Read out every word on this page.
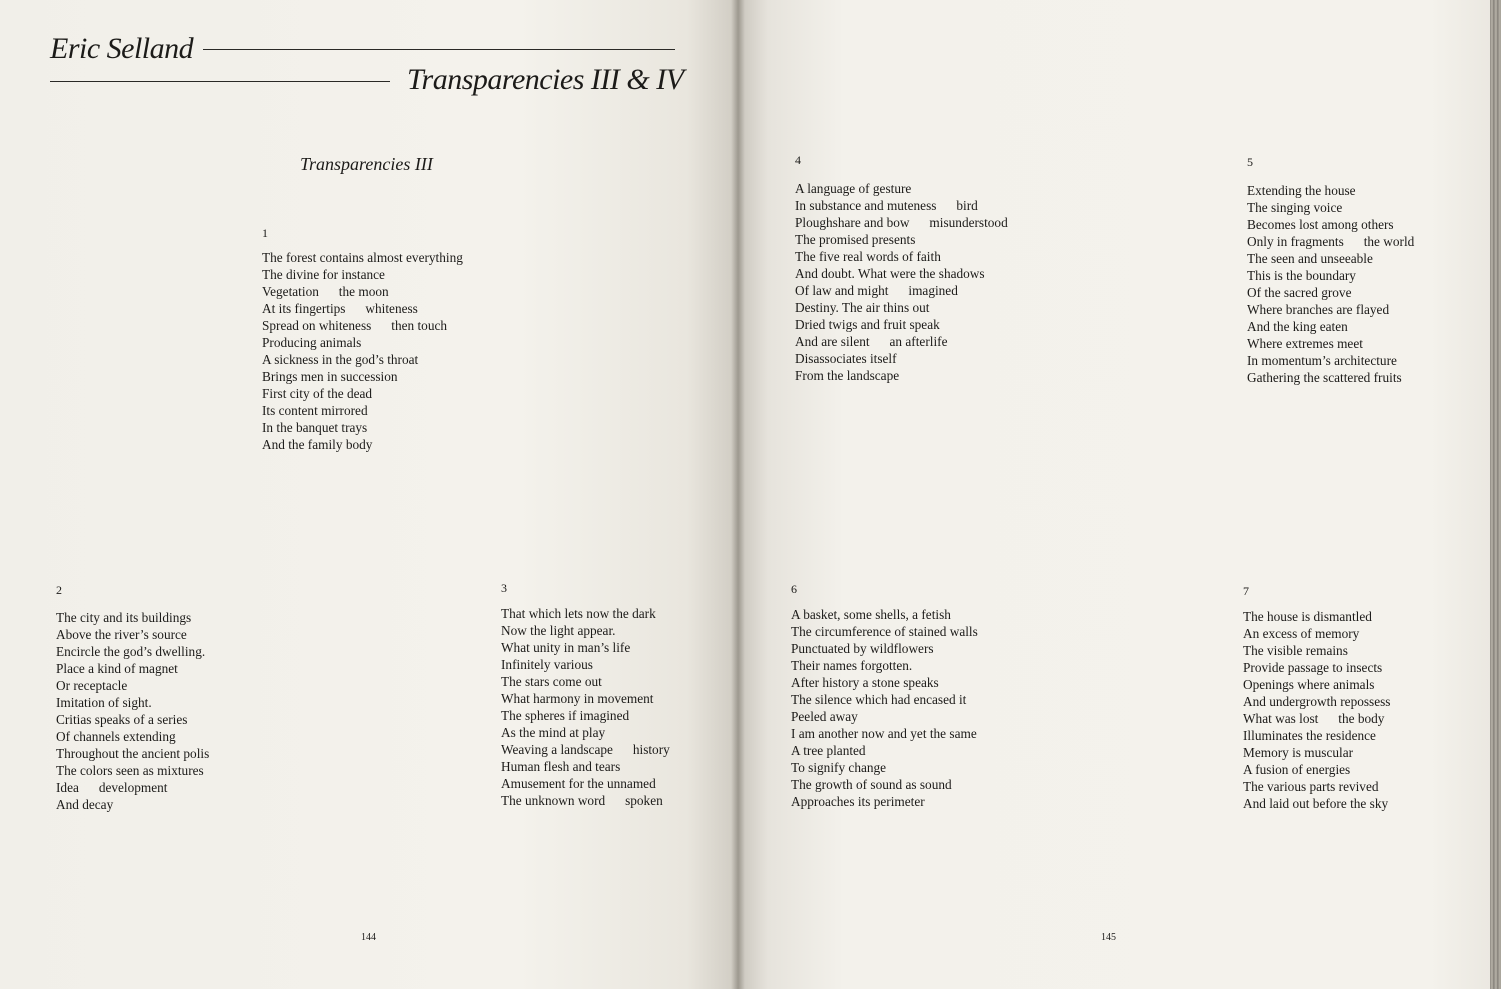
Eric Selland
Transparencies III & IV
Transparencies III
1
The forest contains almost everything
The divine for instance
Vegetation      the moon
At its fingertips      whiteness
Spread on whiteness      then touch
Producing animals
A sickness in the god’s throat
Brings men in succession
First city of the dead
Its content mirrored
In the banquet trays
And the family body
2
The city and its buildings
Above the river’s source
Encircle the god’s dwelling.
Place a kind of magnet
Or receptacle
Imitation of sight.
Critias speaks of a series
Of channels extending
Throughout the ancient polis
The colors seen as mixtures
Idea      development
And decay
3
That which lets now the dark
Now the light appear.
What unity in man’s life
Infinitely various
The stars come out
What harmony in movement
The spheres if imagined
As the mind at play
Weaving a landscape      history
Human flesh and tears
Amusement for the unnamed
The unknown word      spoken
144
4
A language of gesture
In substance and muteness      bird
Ploughshare and bow      misunderstood
The promised presents
The five real words of faith
And doubt. What were the shadows
Of law and might      imagined
Destiny. The air thins out
Dried twigs and fruit speak
And are silent      an afterlife
Disassociates itself
From the landscape
5
Extending the house
The singing voice
Becomes lost among others
Only in fragments      the world
The seen and unseeable
This is the boundary
Of the sacred grove
Where branches are flayed
And the king eaten
Where extremes meet
In momentum’s architecture
Gathering the scattered fruits
6
A basket, some shells, a fetish
The circumference of stained walls
Punctuated by wildflowers
Their names forgotten.
After history a stone speaks
The silence which had encased it
Peeled away
I am another now and yet the same
A tree planted
To signify change
The growth of sound as sound
Approaches its perimeter
7
The house is dismantled
An excess of memory
The visible remains
Provide passage to insects
Openings where animals
And undergrowth repossess
What was lost      the body
Illuminates the residence
Memory is muscular
A fusion of energies
The various parts revived
And laid out before the sky
145
